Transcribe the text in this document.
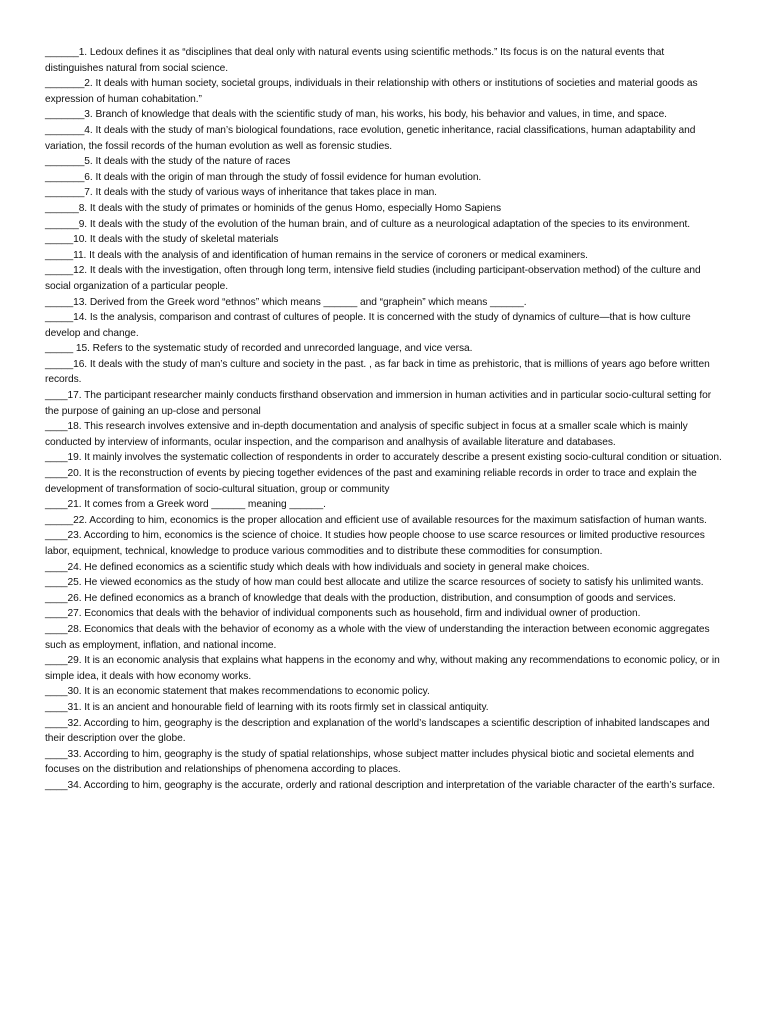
______1. Ledoux defines it as “disciplines that deal only with natural events using scientific methods.” Its focus is on the natural events that distinguishes natural from social science.

_______2. It deals with human society, societal groups, individuals in their relationship with others or institutions of societies and material goods as expression of human cohabitation.”

_______3. Branch of knowledge that deals with the scientific study of man, his works, his body, his behavior and values, in time, and space.

_______4. It deals with the study of man’s biological foundations, race evolution, genetic inheritance, racial classifications, human adaptability and variation, the fossil records of the human evolution as well as forensic studies.

_______5. It deals with the study of the nature of races

_______6. It deals with the origin of man through the study of fossil evidence for human evolution.

_______7. It deals with the study of various ways of inheritance that takes place in man.

______8. It deals with the study of primates or hominids of the genus Homo, especially Homo Sapiens

______9. It deals with the study of the evolution of the human brain, and of culture as a neurological adaptation of the species to its environment.

_____10. It deals with the study of skeletal materials

_____11. It deals with the analysis of and identification of human remains in the service of coroners or medical examiners.

_____12. It deals with the investigation, often through long term, intensive field studies (including participant-observation method) of the culture and social organization of a particular people.

_____13. Derived from the Greek word “ethnos” which means ______ and “graphein” which means ______.

_____14. Is the analysis, comparison and contrast of cultures of people. It is concerned with the study of dynamics of culture—that is how culture develop and change.

_____ 15. Refers to the systematic study of recorded and unrecorded language, and vice versa.

_____16. It deals with the study of man’s culture and society in the past. , as far back in time as prehistoric, that is millions of years ago before written records.

____17. The participant researcher mainly conducts firsthand observation and immersion in human activities and in particular socio-cultural setting for the purpose of gaining an up-close and personal

____18. This research involves extensive and in-depth documentation and analysis of specific subject in focus at a smaller scale which is mainly conducted by interview of informants, ocular inspection, and the comparison and analhysis of available literature and databases.

____19. It mainly involves the systematic collection of respondents in order to accurately describe a present existing socio-cultural condition or situation.

____20. It is the reconstruction of events by piecing together evidences of the past and examining reliable records in order to trace and explain the development of transformation of socio-cultural situation, group or community

____21. It comes from a Greek word ______ meaning ______.

_____22. According to him, economics is the proper allocation and efficient use of available resources for the maximum satisfaction of human wants.

____23. According to him, economics is the science of choice. It studies how people choose to use scarce resources or limited productive resources labor, equipment, technical, knowledge to produce various commodities and to distribute these commodities for consumption.

____24. He defined economics as a scientific study which deals with how individuals and society in general make choices.

____25. He viewed economics as the study of how man could best allocate and utilize the scarce resources of society to satisfy his unlimited wants.

____26. He defined economics as a branch of knowledge that deals with the production, distribution, and consumption of goods and services.

____27. Economics that deals with the behavior of individual components such as household, firm and individual owner of production.

____28. Economics that deals with the behavior of economy as a whole with the view of understanding the interaction between economic aggregates such as employment, inflation, and national income.

____29. It is an economic analysis that explains what happens in the economy and why, without making any recommendations to economic policy, or in simple idea, it deals with how economy works.

____30. It is an economic statement that makes recommendations to economic policy.

____31. It is an ancient and honourable field of learning with its roots firmly set in classical antiquity.

____32. According to him, geography is the description and explanation of the world’s landscapes a scientific description of inhabited landscapes and their description over the globe.

____33. According to him, geography is the study of spatial relationships, whose subject matter includes physical biotic and societal elements and focuses on the distribution and relationships of phenomena according to places.

____34. According to him, geography is the accurate, orderly and rational description and interpretation of the variable character of the earth’s surface.
